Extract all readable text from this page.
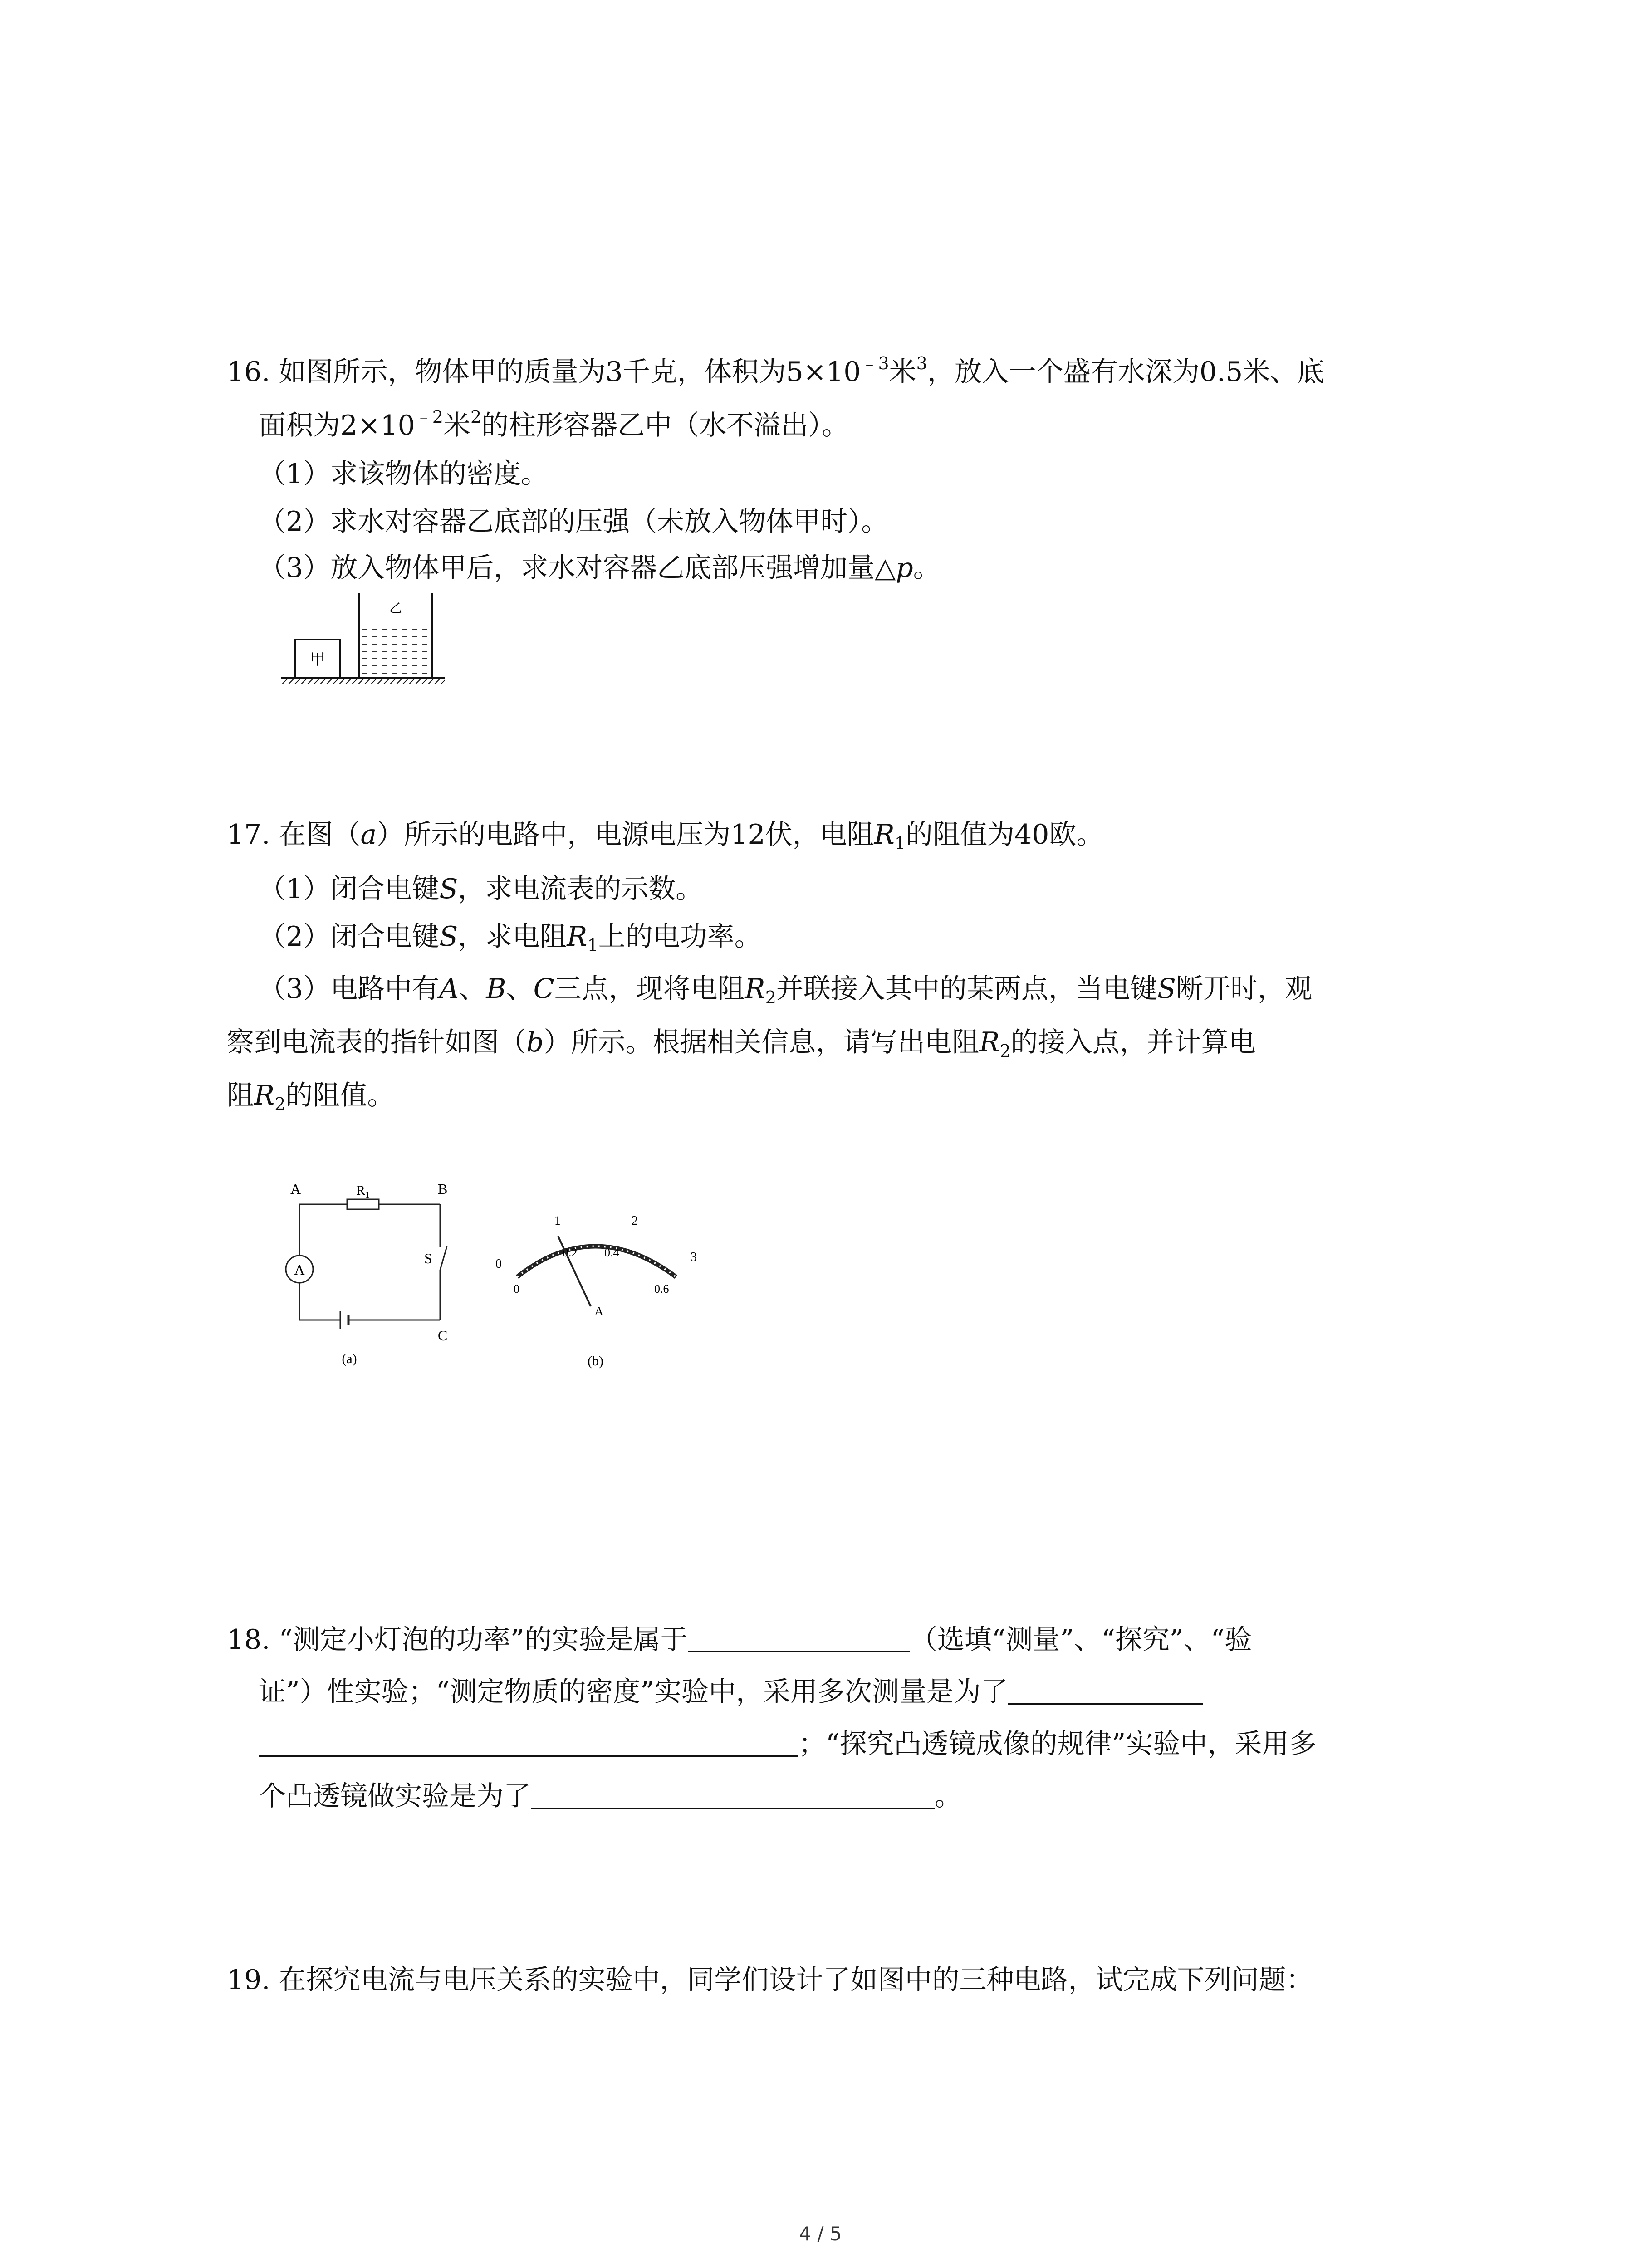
16. 如图所示，物体甲的质量为3千克，体积为$5\times 10^{﹣3}$米$^3$，放入一个盛有水深为0.5米、底
面积为$2\times 10^{﹣2}$米$^2$的柱形容器乙中（水不溢出）。
（1）求该物体的密度。
（2）求水对容器乙底部的压强（未放入物体甲时）。
（3）放入物体甲后，求水对容器乙底部压强增加量△p。
甲
乙
17. 在图（a）所示的电路中，电源电压为12伏，电阻$R_1$的阻值为40欧。
（1）闭合电键S，求电流表的示数。
（2）闭合电键S，求电阻$R_1$上的电功率。
（3）电路中有A、B、C三点，现将电阻$R_2$并联接入其中的某两点，当电键S断开时，观
察到电流表的指针如图（b）所示。根据相关信息，请写出电阻$R_2$的接入点，并计算电
阻$R_2$的阻值。
A
A	B
C
S
$R_1$
(a)
0
1	2
3
0
0.2 0.4
0.6
A
(b)
18. “测定小灯泡的功率”的实验是属于	（选填“测量”、“探究”、“验
证”）性实验；“测定物质的密度”实验中，采用多次测量是为了
；“探究凸透镜成像的规律”实验中，采用多
个凸透镜做实验是为了	。
19. 在探究电流与电压关系的实验中，同学们设计了如图中的三种电路，试完成下列问题：
4 / 5
